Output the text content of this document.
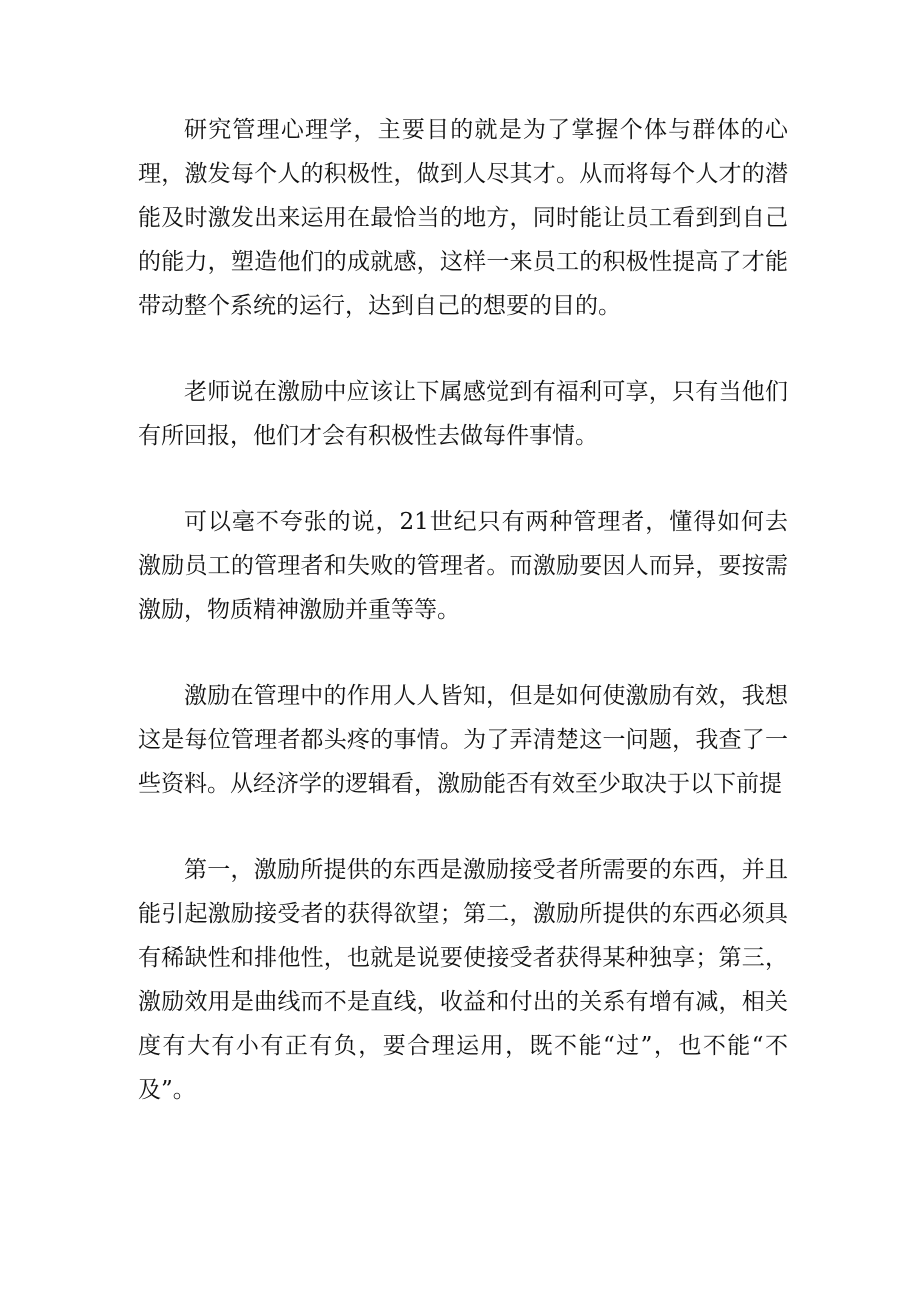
研究管理心理学，主要目的就是为了掌握个体与群体的心理，激发每个人的积极性，做到人尽其才。从而将每个人才的潜能及时激发出来运用在最恰当的地方，同时能让员工看到到自己的能力，塑造他们的成就感，这样一来员工的积极性提高了才能带动整个系统的运行，达到自己的想要的目的。

老师说在激励中应该让下属感觉到有福利可享，只有当他们有所回报，他们才会有积极性去做每件事情。

可以毫不夸张的说，21世纪只有两种管理者，懂得如何去激励员工的管理者和失败的管理者。而激励要因人而异，要按需激励，物质精神激励并重等等。

激励在管理中的作用人人皆知，但是如何使激励有效，我想这是每位管理者都头疼的事情。为了弄清楚这一问题，我查了一些资料。从经济学的逻辑看，激励能否有效至少取决于以下前提

第一，激励所提供的东西是激励接受者所需要的东西，并且能引起激励接受者的获得欲望；第二，激励所提供的东西必须具有稀缺性和排他性，也就是说要使接受者获得某种独享；第三，激励效用是曲线而不是直线，收益和付出的关系有增有减，相关度有大有小有正有负，要合理运用，既不能“过”，也不能“不及”。
